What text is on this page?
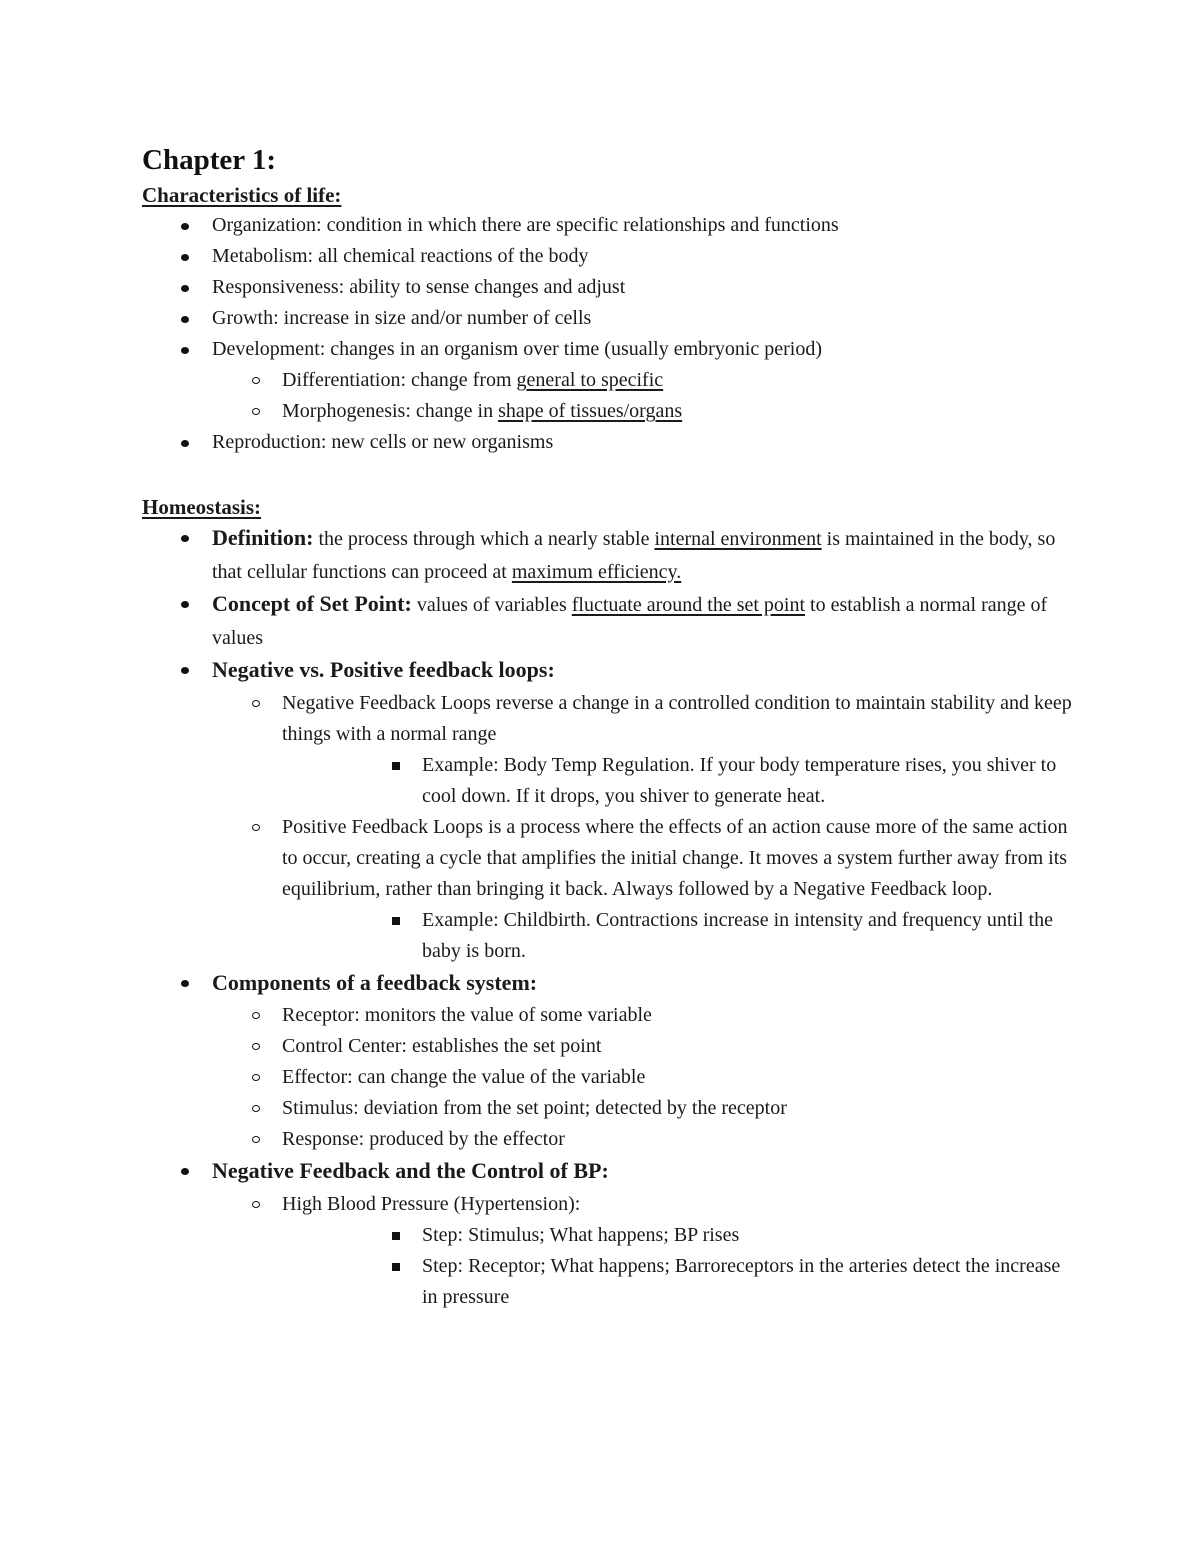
Chapter 1:
Characteristics of life:
Organization: condition in which there are specific relationships and functions
Metabolism: all chemical reactions of the body
Responsiveness: ability to sense changes and adjust
Growth: increase in size and/or number of cells
Development: changes in an organism over time (usually embryonic period)
Differentiation: change from general to specific
Morphogenesis: change in shape of tissues/organs
Reproduction: new cells or new organisms
Homeostasis:
Definition: the process through which a nearly stable internal environment is maintained in the body, so that cellular functions can proceed at maximum efficiency.
Concept of Set Point: values of variables fluctuate around the set point to establish a normal range of values
Negative vs. Positive feedback loops:
Negative Feedback Loops reverse a change in a controlled condition to maintain stability and keep things with a normal range
Example: Body Temp Regulation. If your body temperature rises, you shiver to cool down. If it drops, you shiver to generate heat.
Positive Feedback Loops is a process where the effects of an action cause more of the same action to occur, creating a cycle that amplifies the initial change. It moves a system further away from its equilibrium, rather than bringing it back. Always followed by a Negative Feedback loop.
Example: Childbirth. Contractions increase in intensity and frequency until the baby is born.
Components of a feedback system:
Receptor: monitors the value of some variable
Control Center: establishes the set point
Effector: can change the value of the variable
Stimulus: deviation from the set point; detected by the receptor
Response: produced by the effector
Negative Feedback and the Control of BP:
High Blood Pressure (Hypertension):
Step: Stimulus; What happens; BP rises
Step: Receptor; What happens; Barroreceptors in the arteries detect the increase in pressure
